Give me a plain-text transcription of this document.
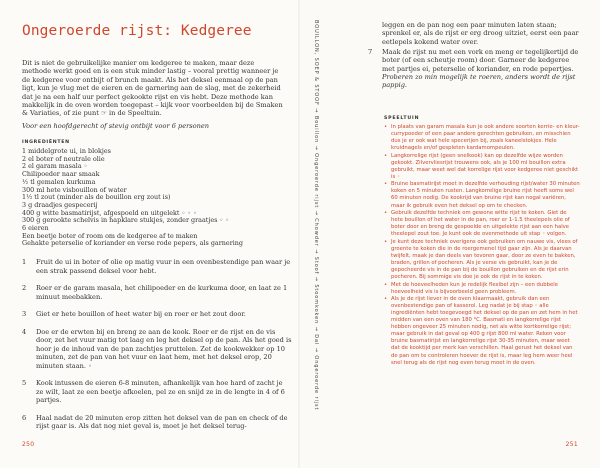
Ongeroerde rijst: Kedgeree
Dit is niet de gebruikelijke manier om kedgeree te maken, maar deze methode werkt goed en is een stuk minder lastig – vooral prettig wanneer je de kedgeree voor ontbijt of brunch maakt. Als het deksel eenmaal op de pan ligt, kun je vlug met de eieren en de garnering aan de slag, met de zekerheid dat je na een half uur perfect gekookte rijst en vis hebt. Deze methode kan makkelijk in de oven worden toegepast – kijk voor voorbeelden bij de Smaken & Variaties, of zie punt ☞ in de Speeltuin.
Voor een hoofdgerecht of stevig ontbijt voor 6 personen
INGREDIËNTEN
1 middelgrote ui, in blokjes
2 el boter of neutrale olie
2 el garam masala ◦
Chilipoeder naar smaak
½ tl gemalen kurkuma
300 ml hete visbouillon of water
1½ tl zout (minder als de bouillon erg zout is)
3 g draadjes gespecerij
400 g witte basmatirijst, afgespoeld en uitgelekt ◦ ◦ ◦
300 g gerookte schelvis in hapklare stukjes, zonder graatjes ◦ ◦
6 eieren
Een beetje boter of room om de kedgeree af te maken
Gehakte peterselie of koriander en verse rode pepers, als garnering
1	Fruit de ui in boter of olie op matig vuur in een ovenbestendige pan waar je een strak passend deksel voor hebt.
2	Roer er de garam masala, het chilipoeder en de kurkuma door, en laat ze 1 minuut meebakken.
3	Giet er hete bouillon of heet water bij en roer er het zout door.
4	Doe er de erwten bij en breng ze aan de kook. Roer er de rijst en de vis door, zet het vuur matig tot laag en leg het deksel op de pan. Als het goed is hoor je de inhoud van de pan zachtjes pruttelen. Zet de kookwekker op 10 minuten, zet de pan van het vuur en laat hem, met het deksel erop, 20 minuten staan. ◦
5	Kook intussen de eieren 6-8 minuten, afhankelijk van hoe hard of zacht je ze wilt, laat ze een beetje afkoelen, pel ze en snijd ze in de lengte in 4 of 6 partjes.
6	Haal nadat de 20 minuten erop zitten het deksel van de pan en check of de rijst gaar is. Als dat nog niet geval is, moet je het deksel terug-
250
BOUILLON, SOEP & STOOF → Bouillon → Ongeroerde rijst → Chowder → Stoof → Stoomkoken → Dal → Ongeroerde rijst	leggen en de pan nog een paar minuten laten staan; sprenkel er, als de rijst er erg droog uitziet, eerst een paar eetlepels kokend water over.
7	Maak de rijst nu met een vork en meng er tegelijkertijd de boter (of een scheutje room) door. Garneer de kedgeree met partjes ei, peterselie of koriander, en rode pepertjes.
Proberen zo min mogelijk te roeren, anders wordt de rijst pappig.
SPEELTUIN
• In plaats van garam masala kun je ook andere soorten kerrie- en kleur-currypoeder of een paar andere gerechten gebruiken, en misschien dus je er ook wat hele specerijen bij, zoals kaneelstokjes. Hele kruidnagels en/of gespleten kardamompeulen.
• Langkorrelige rijst (geen snelkook) kan op dezelfde wijze worden gekookt. Zilvervliesrijst trouwens ook, als je 100 ml bouillon extra gebruikt, maar weet wel dat korrelige rijst voor kedgeree niet geschikt is ◦
• Bruine basmatirijst moet in dezelfde verhouding rijst/water 30 minuten koken en 5 minuten rusten. Langkorrelige bruine rijst heeft soms wel 60 minuten nodig. De kookrijd van bruine rijst kan nogal variëren, maar ik gebruik even het deksel op om te checken.
• Gebruik dezelfde techniek om gewone witte rijst te koken. Giet de hete bouillon of het water in de pan, roer er 1-1.5 theelepels olie of boter door en breng de gespoelde en uitgelekte rijst aan een halve theelepel zout toe. Je kunt ook de ovenmethode uit stap ◦ volgen.
• Je kunt deze techniek overigens ook gebruiken om nauwe vis, vlees of groente te koken die in de roergemenel tijd gaar zijn. Als je daarvan twijfelt, maak je dan deels van tevoren gaar, door ze even te bakken, braden, grillen of pocheren. Als je verse vis gebruikt, kan je de gepocheerde vis in de pan bij de bouillon gebruiken en de rijst erin pocheren. Bij sommige vis doe je ook de rijst in te koken.
• Met de hoeveelheden kun je redelijk flexibel zijn – een dubbele hoeveelheid vis is bijvoorbeeld geen probleem.
• Als je de rijst liever in de oven klaarmaakt, gebruik dan een ovenbestendige pan of kasserol. Leg nadat je bij stap ◦ alle ingrediënten hebt toegevoegd het deksel op de pan en zet hem in het midden van een oven van 180 °C. Basmati en langkorrelige rijst hebben ongeveer 25 minuten nodig, net als witte kortkorrelige rijst; maar gebruik in dat geval op 400 g rijst 800 ml water. Reken voor bruine basmatirijst en langkorrelige rijst 30-35 minuten, maar weet dat de kooktijd per merk kan verschillen. Haal gerust het deksel van de pan om te controleren hoever de rijst is, maar leg hem weer heel snel terug als de rijst nog even terug moet in de oven.
251
